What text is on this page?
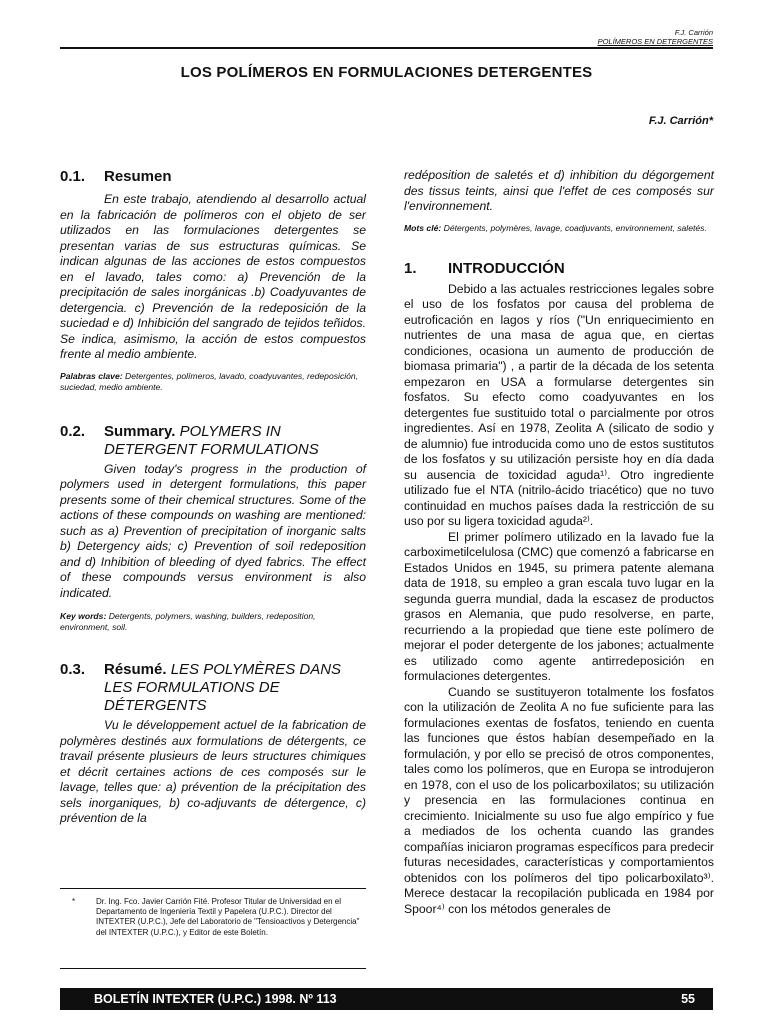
F.J. Carrión
POLÍMEROS EN DETERGENTES
LOS POLÍMEROS EN FORMULACIONES DETERGENTES
F.J. Carrión*
0.1.	Resumen

En este trabajo, atendiendo al desarrollo actual en la fabricación de polímeros con el objeto de ser utilizados en las formulaciones detergentes se presentan varias de sus estructuras químicas. Se indican algunas de las acciones de estos compuestos en el lavado, tales como: a) Prevención de la precipitación de sales inorgánicas .b) Coadyuvantes de detergencia. c) Prevención de la redeposición de la suciedad e d) Inhibición del sangrado de tejidos teñidos. Se indica, asimismo, la acción de estos compuestos frente al medio ambiente.

Palabras clave: Detergentes, polímeros, lavado, coadyuvantes, redeposición, suciedad, medio ambiente.

0.2.	Summary. POLYMERS IN DETERGENT FORMULATIONS

Given today's progress in the production of polymers used in detergent formulations, this paper presents some of their chemical structures. Some of the actions of these compounds on washing are mentioned: such as a) Prevention of precipitation of inorganic salts b) Detergency aids; c) Prevention of soil redeposition and d) Inhibition of bleeding of dyed fabrics. The effect of these compounds versus environment is also indicated.

Key words: Detergents, polymers, washing, builders, redeposition, environment, soil.

0.3.	Résumé. LES POLYMÈRES DANS LES FORMULATIONS DE DÉTERGENTS

Vu le développement actuel de la fabrication de polymères destinés aux formulations de détergents, ce travail présente plusieurs de leurs structures chimiques et décrit certaines actions de ces composés sur le lavage, telles que: a) prévention de la précipitation des sels inorganiques, b) co-adjuvants de détergence, c) prévention de la

*	Dr. Ing. Fco. Javier Carrión Fité. Profesor Titular de Universidad en el Departamento de Ingeniería Textil y Papelera (U.P.C.). Director del INTEXTER (U.P.C.), Jefe del Laboratorio de "Tensioactivos y Detergencia" del INTEXTER (U.P.C.), y Editor de este Boletín.

redéposition de saletés et d) inhibition du dégorgement des tissus teints, ainsi que l'effet de ces composés sur l'environnement.

Mots clé: Détergents, polymères, lavage, coadjuvants, environnement, saletés.

1.	INTRODUCCIÓN

Debido a las actuales restricciones legales sobre el uso de los fosfatos por causa del problema de eutroficación en lagos y ríos ("Un enriquecimiento en nutrientes de una masa de agua que, en ciertas condiciones, ocasiona un aumento de producción de biomasa primaria") , a partir de la década de los setenta empezaron en USA a formularse detergentes sin fosfatos. Su efecto como coadyuvantes en los detergentes fue sustituido total o parcialmente por otros ingredientes. Así en 1978, Zeolita A (silicato de sodio y de alumnio) fue introducida como uno de estos sustitutos de los fosfatos y su utilización persiste hoy en día dada su ausencia de toxicidad aguda¹⁾. Otro ingrediente utilizado fue el NTA (nitrilo-ácido triacético) que no tuvo continuidad en muchos países dada la restricción de su uso por su ligera toxicidad aguda²⁾.

El primer polímero utilizado en la lavado fue la carboximetilcelulosa (CMC) que comenzó a fabricarse en Estados Unidos en 1945, su primera patente alemana data de 1918, su empleo a gran escala tuvo lugar en la segunda guerra mundial, dada la escasez de productos grasos en Alemania, que pudo resolverse, en parte, recurriendo a la propiedad que tiene este polímero de mejorar el poder detergente de los jabones; actualmente es utilizado como agente antirredeposición en formulaciones detergentes.

Cuando se sustituyeron totalmente los fosfatos con la utilización de Zeolita A no fue suficiente para las formulaciones exentas de fosfatos, teniendo en cuenta las funciones que éstos habían desempeñado en la formulación, y por ello se precisó de otros componentes, tales como los polímeros, que en Europa se introdujeron en 1978, con el uso de los policarboxilatos; su utilización y presencia en las formulaciones continua en crecimiento. Inicialmente su uso fue algo empírico y fue a mediados de los ochenta cuando las grandes compañías iniciaron programas específicos para predecir futuras necesidades, características y comportamientos obtenidos con los polímeros del tipo policarboxilato³⁾. Merece destacar la recopilación publicada en 1984 por Spoor⁴⁾ con los métodos generales de

BOLETÍN INTEXTER (U.P.C.) 1998. Nº 113	55
